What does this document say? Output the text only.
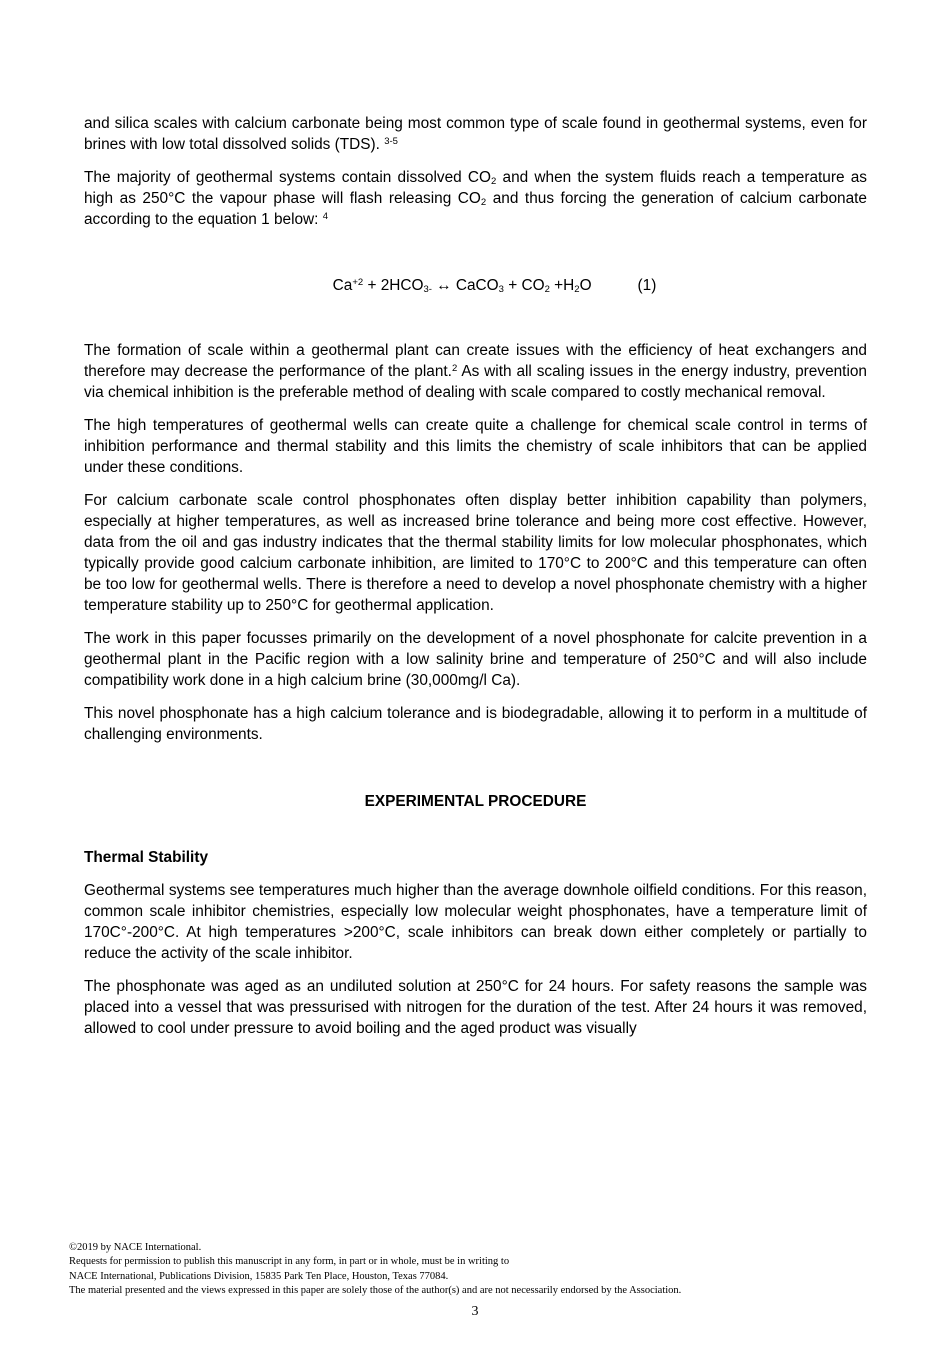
and silica scales with calcium carbonate being most common type of scale found in geothermal systems, even for brines with low total dissolved solids (TDS). $^{3-5}$

The majority of geothermal systems contain dissolved $CO_2$ and when the system fluids reach a temperature as high as 250°C the vapour phase will flash releasing $CO_2$ and thus forcing the generation of calcium carbonate according to the equation 1 below: $^4$

$Ca^{+2} + 2HCO_{3-}$ ↔ CaCO$_3$ + $CO_2 +H_2O$	(1)

The formation of scale within a geothermal plant can create issues with the efficiency of heat exchangers and therefore may decrease the performance of the plant.$^2$ As with all scaling issues in the energy industry, prevention via chemical inhibition is the preferable method of dealing with scale compared to costly mechanical removal.

The high temperatures of geothermal wells can create quite a challenge for chemical scale control in terms of inhibition performance and thermal stability and this limits the chemistry of scale inhibitors that can be applied under these conditions.

For calcium carbonate scale control phosphonates often display better inhibition capability than polymers, especially at higher temperatures, as well as increased brine tolerance and being more cost effective. However, data from the oil and gas industry indicates that the thermal stability limits for low molecular phosphonates, which typically provide good calcium carbonate inhibition, are limited to 170°C to 200°C and this temperature can often be too low for geothermal wells. There is therefore a need to develop a novel phosphonate chemistry with a higher temperature stability up to 250°C for geothermal application.

The work in this paper focusses primarily on the development of a novel phosphonate for calcite prevention in a geothermal plant in the Pacific region with a low salinity brine and temperature of 250°C and will also include compatibility work done in a high calcium brine (30,000mg/l Ca).

This novel phosphonate has a high calcium tolerance and is biodegradable, allowing it to perform in a multitude of challenging environments.

EXPERIMENTAL PROCEDURE
Thermal Stability

Geothermal systems see temperatures much higher than the average downhole oilfield conditions. For this reason, common scale inhibitor chemistries, especially low molecular weight phosphonates, have a temperature limit of 170C°-200°C. At high temperatures >200°C, scale inhibitors can break down either completely or partially to reduce the activity of the scale inhibitor.

The phosphonate was aged as an undiluted solution at 250°C for 24 hours. For safety reasons the sample was placed into a vessel that was pressurised with nitrogen for the duration of the test. After 24 hours it was removed, allowed to cool under pressure to avoid boiling and the aged product was visually

©2019 by NACE International.
Requests for permission to publish this manuscript in any form, in part or in whole, must be in writing to
NACE International, Publications Division, 15835 Park Ten Place, Houston, Texas 77084.
The material presented and the views expressed in this paper are solely those of the author(s) and are not necessarily endorsed by the Association.
3
